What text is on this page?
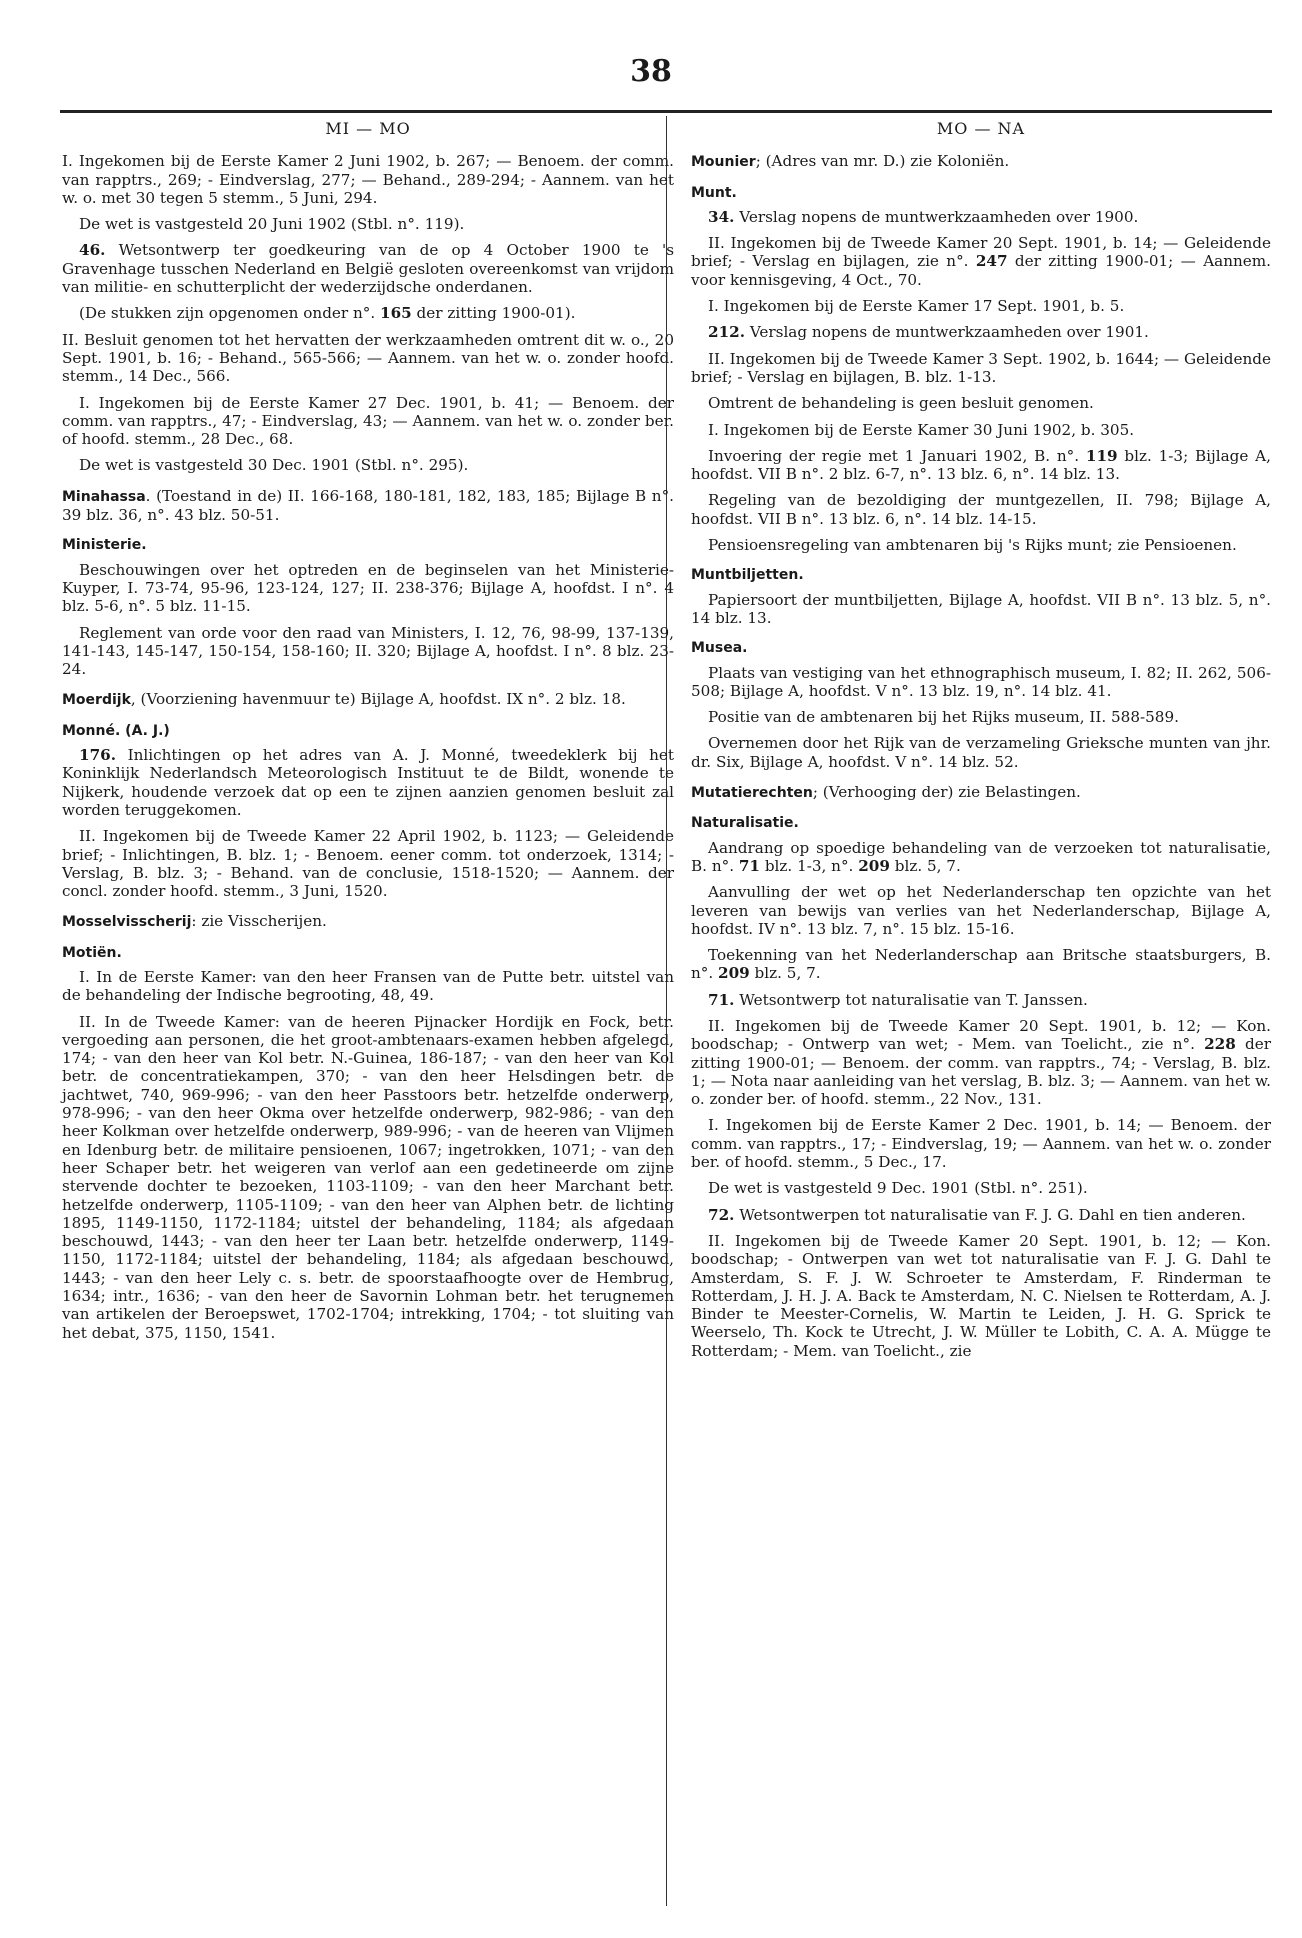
38
MI — MO

I. Ingekomen bij de Eerste Kamer 2 Juni 1902, b. 267; — Benoem. der comm. van rapptrs., 269; - Eindverslag, 277; — Behand., 289-294; - Aannem. van het w. o. met 30 tegen 5 stemm., 5 Juni, 294.

De wet is vastgesteld 20 Juni 1902 (Stbl. n°. 119).

46. Wetsontwerp ter goedkeuring van de op 4 October 1900 te 's Gravenhage tusschen Nederland en België gesloten overeenkomst van vrijdom van militie- en schutterplicht der wederzijdsche onderdanen.

(De stukken zijn opgenomen onder n°. 165 der zitting 1900-01).

II. Besluit genomen tot het hervatten der werkzaamheden omtrent dit w. o., 20 Sept. 1901, b. 16; - Behand., 565-566; — Aannem. van het w. o. zonder hoofd. stemm., 14 Dec., 566.

I. Ingekomen bij de Eerste Kamer 27 Dec. 1901, b. 41; — Benoem. der comm. van rapptrs., 47; - Eindverslag, 43; — Aannem. van het w. o. zonder ber. of hoofd. stemm., 28 Dec., 68.

De wet is vastgesteld 30 Dec. 1901 (Stbl. n°. 295).

Minahassa. (Toestand in de) II. 166-168, 180-181, 182, 183, 185; Bijlage B n°. 39 blz. 36, n°. 43 blz. 50-51.

Ministerie.

Beschouwingen over het optreden en de beginselen van het Ministerie-Kuyper, I. 73-74, 95-96, 123-124, 127; II. 238-376; Bijlage A, hoofdst. I n°. 4 blz. 5-6, n°. 5 blz. 11-15.

Reglement van orde voor den raad van Ministers, I. 12, 76, 98-99, 137-139, 141-143, 145-147, 150-154, 158-160; II. 320; Bijlage A, hoofdst. I n°. 8 blz. 23-24.

Moerdijk, (Voorziening havenmuur te) Bijlage A, hoofdst. IX n°. 2 blz. 18.

Monné. (A. J.)

176. Inlichtingen op het adres van A. J. Monné, tweedeklerk bij het Koninklijk Nederlandsch Meteorologisch Instituut te de Bildt, wonende te Nijkerk, houdende verzoek dat op een te zijnen aanzien genomen besluit zal worden teruggekomen.

II. Ingekomen bij de Tweede Kamer 22 April 1902, b. 1123; — Geleidende brief; - Inlichtingen, B. blz. 1; - Benoem. eener comm. tot onderzoek, 1314; - Verslag, B. blz. 3; - Behand. van de conclusie, 1518-1520; — Aannem. der concl. zonder hoofd. stemm., 3 Juni, 1520.

Mosselvisscherij: zie Visscherijen.

Motiën.

I. In de Eerste Kamer: van den heer Fransen van de Putte betr. uitstel van de behandeling der Indische begrooting, 48, 49.

II. In de Tweede Kamer: van de heeren Pijnacker Hordijk en Fock, betr. vergoeding aan personen, die het groot-ambtenaars-examen hebben afgelegd, 174; - van den heer van Kol betr. N.-Guinea, 186-187; - van den heer van Kol betr. de concentratiekampen, 370; - van den heer Helsdingen betr. de jachtwet, 740, 969-996; - van den heer Passtoors betr. hetzelfde onderwerp, 978-996; - van den heer Okma over hetzelfde onderwerp, 982-986; - van den heer Kolkman over hetzelfde onderwerp, 989-996; - van de heeren van Vlijmen en Idenburg betr. de militaire pensioenen, 1067; ingetrokken, 1071; - van den heer Schaper betr. het weigeren van verlof aan een gedetineerde om zijne stervende dochter te bezoeken, 1103-1109; - van den heer Marchant betr. hetzelfde onderwerp, 1105-1109; - van den heer van Alphen betr. de lichting 1895, 1149-1150, 1172-1184; uitstel der behandeling, 1184; als afgedaan beschouwd, 1443; - van den heer ter Laan betr. hetzelfde onderwerp, 1149-1150, 1172-1184; uitstel der behandeling, 1184; als afgedaan beschouwd, 1443; - van den heer Lely c. s. betr. de spoorstaafhoogte over de Hembrug, 1634; intr., 1636; - van den heer de Savornin Lohman betr. het terugnemen van artikelen der Beroepswet, 1702-1704; intrekking, 1704; - tot sluiting van het debat, 375, 1150, 1541.

MO — NA

Mounier; (Adres van mr. D.) zie Koloniën.

Munt.

34. Verslag nopens de muntwerkzaamheden over 1900.

II. Ingekomen bij de Tweede Kamer 20 Sept. 1901, b. 14; — Geleidende brief; - Verslag en bijlagen, zie n°. 247 der zitting 1900-01; — Aannem. voor kennisgeving, 4 Oct., 70.

I. Ingekomen bij de Eerste Kamer 17 Sept. 1901, b. 5.

212. Verslag nopens de muntwerkzaamheden over 1901.

II. Ingekomen bij de Tweede Kamer 3 Sept. 1902, b. 1644; — Geleidende brief; - Verslag en bijlagen, B. blz. 1-13.

Omtrent de behandeling is geen besluit genomen.

I. Ingekomen bij de Eerste Kamer 30 Juni 1902, b. 305.

Invoering der regie met 1 Januari 1902, B. n°. 119 blz. 1-3; Bijlage A, hoofdst. VII B n°. 2 blz. 6-7, n°. 13 blz. 6, n°. 14 blz. 13.

Regeling van de bezoldiging der muntgezellen, II. 798; Bijlage A, hoofdst. VII B n°. 13 blz. 6, n°. 14 blz. 14-15.

Pensioensregeling van ambtenaren bij 's Rijks munt; zie Pensioenen.

Muntbiljetten.

Papiersoort der muntbiljetten, Bijlage A, hoofdst. VII B n°. 13 blz. 5, n°. 14 blz. 13.

Musea.

Plaats van vestiging van het ethnographisch museum, I. 82; II. 262, 506-508; Bijlage A, hoofdst. V n°. 13 blz. 19, n°. 14 blz. 41.

Positie van de ambtenaren bij het Rijks museum, II. 588-589.

Overnemen door het Rijk van de verzameling Grieksche munten van jhr. dr. Six, Bijlage A, hoofdst. V n°. 14 blz. 52.

Mutatierechten; (Verhooging der) zie Belastingen.

Naturalisatie.

Aandrang op spoedige behandeling van de verzoeken tot naturalisatie, B. n°. 71 blz. 1-3, n°. 209 blz. 5, 7.

Aanvulling der wet op het Nederlanderschap ten opzichte van het leveren van bewijs van verlies van het Nederlanderschap, Bijlage A, hoofdst. IV n°. 13 blz. 7, n°. 15 blz. 15-16.

Toekenning van het Nederlanderschap aan Britsche staatsburgers, B. n°. 209 blz. 5, 7.

71. Wetsontwerp tot naturalisatie van T. Janssen.

II. Ingekomen bij de Tweede Kamer 20 Sept. 1901, b. 12; — Kon. boodschap; - Ontwerp van wet; - Mem. van Toelicht., zie n°. 228 der zitting 1900-01; — Benoem. der comm. van rapptrs., 74; - Verslag, B. blz. 1; — Nota naar aanleiding van het verslag, B. blz. 3; — Aannem. van het w. o. zonder ber. of hoofd. stemm., 22 Nov., 131.

I. Ingekomen bij de Eerste Kamer 2 Dec. 1901, b. 14; — Benoem. der comm. van rapptrs., 17; - Eindverslag, 19; — Aannem. van het w. o. zonder ber. of hoofd. stemm., 5 Dec., 17.

De wet is vastgesteld 9 Dec. 1901 (Stbl. n°. 251).

72. Wetsontwerpen tot naturalisatie van F. J. G. Dahl en tien anderen.

II. Ingekomen bij de Tweede Kamer 20 Sept. 1901, b. 12; — Kon. boodschap; - Ontwerpen van wet tot naturalisatie van F. J. G. Dahl te Amsterdam, S. F. J. W. Schroeter te Amsterdam, F. Rinderman te Rotterdam, J. H. J. A. Back te Amsterdam, N. C. Nielsen te Rotterdam, A. J. Binder te Meester-Cornelis, W. Martin te Leiden, J. H. G. Sprick te Weerselo, Th. Kock te Utrecht, J. W. Müller te Lobith, C. A. A. Mügge te Rotterdam; - Mem. van Toelicht., zie
